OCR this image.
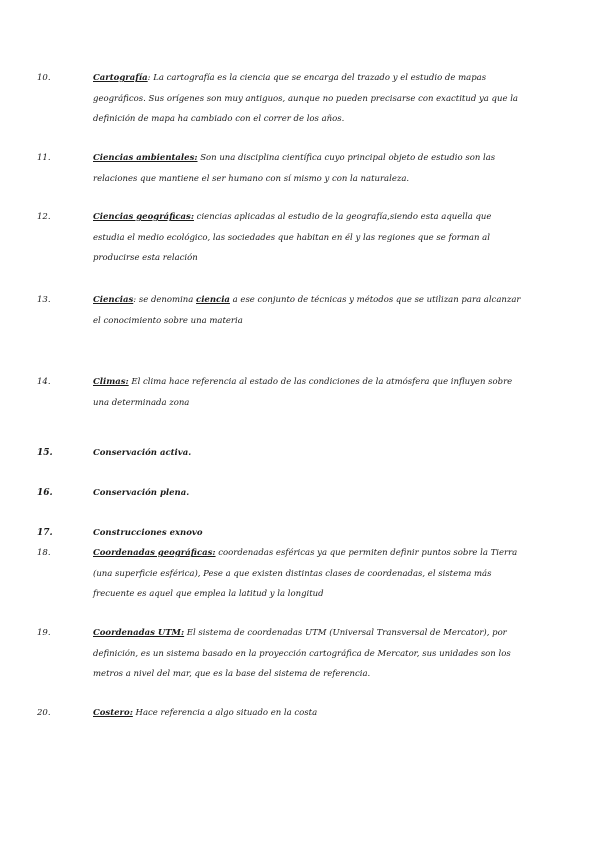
10.	Cartografía: La cartografía es la ciencia que se encarga del trazado y el estudio de mapas geográficos. Sus orígenes son muy antiguos, aunque no pueden precisarse con exactitud ya que la definición de mapa ha cambiado con el correr de los años.
11.	Ciencias ambientales: Son una disciplina científica cuyo principal objeto de estudio son las relaciones que mantiene el ser humano con sí mismo y con la naturaleza.
12.	Ciencias geográficas: ciencias aplicadas al estudio de la geografía,siendo esta aquella que estudia el medio ecológico, las sociedades que habitan en él y las regiones que se forman al producirse esta relación
13.	Ciencias: se denomina ciencia a ese conjunto de técnicas y métodos que se utilizan para alcanzar el conocimiento sobre una materia
14.	Climas: El clima hace referencia al estado de las condiciones de la atmósfera que influyen sobre una determinada zona
15.	Conservación activa.
16.	Conservación plena.
17.	Construcciones exnovo
18.	Coordenadas geográficas: coordenadas esféricas ya que permiten definir puntos sobre la Tierra (una superficie esférica), Pese a que existen distintas clases de coordenadas, el sistema más frecuente es aquel que emplea la latitud y la longitud
19.	Coordenadas UTM: El sistema de coordenadas UTM (Universal Transversal de Mercator), por definición, es un sistema basado en la proyección cartográfica de Mercator, sus unidades son los metros a nivel del mar, que es la base del sistema de referencia.
20.	Costero: Hace referencia a algo situado en la costa
